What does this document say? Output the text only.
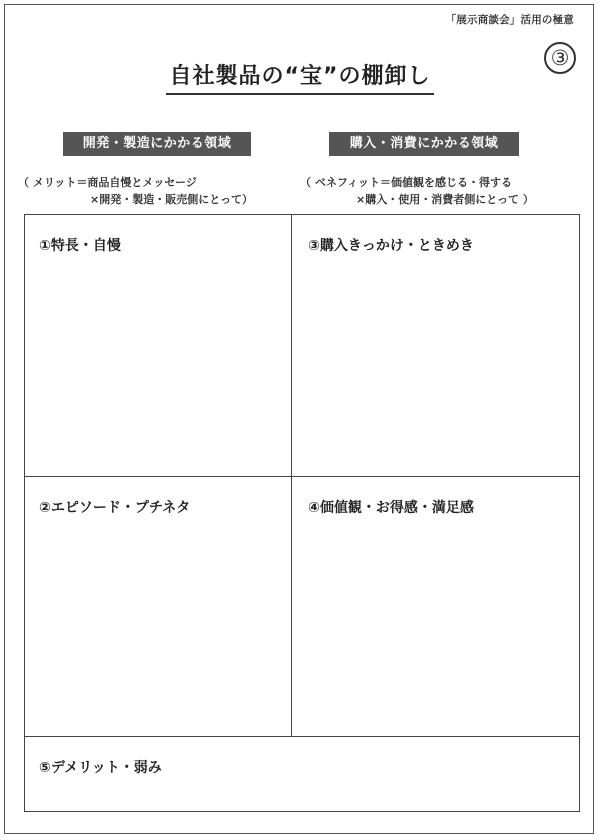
「展示商談会」活用の極意
③
自社製品の“宝”の棚卸し
開発・製造にかかる領域	購入・消費にかかる領域
（ メリット＝商品自慢とメッセージ
×開発・製造・販売側にとって）
（ ベネフィット＝価値観を感じる・得する
×購入・使用・消費者側にとって ）
①特長・自慢	③購入きっかけ・ときめき
②エピソード・プチネタ	④価値観・お得感・満足感
⑤デメリット・弱み
